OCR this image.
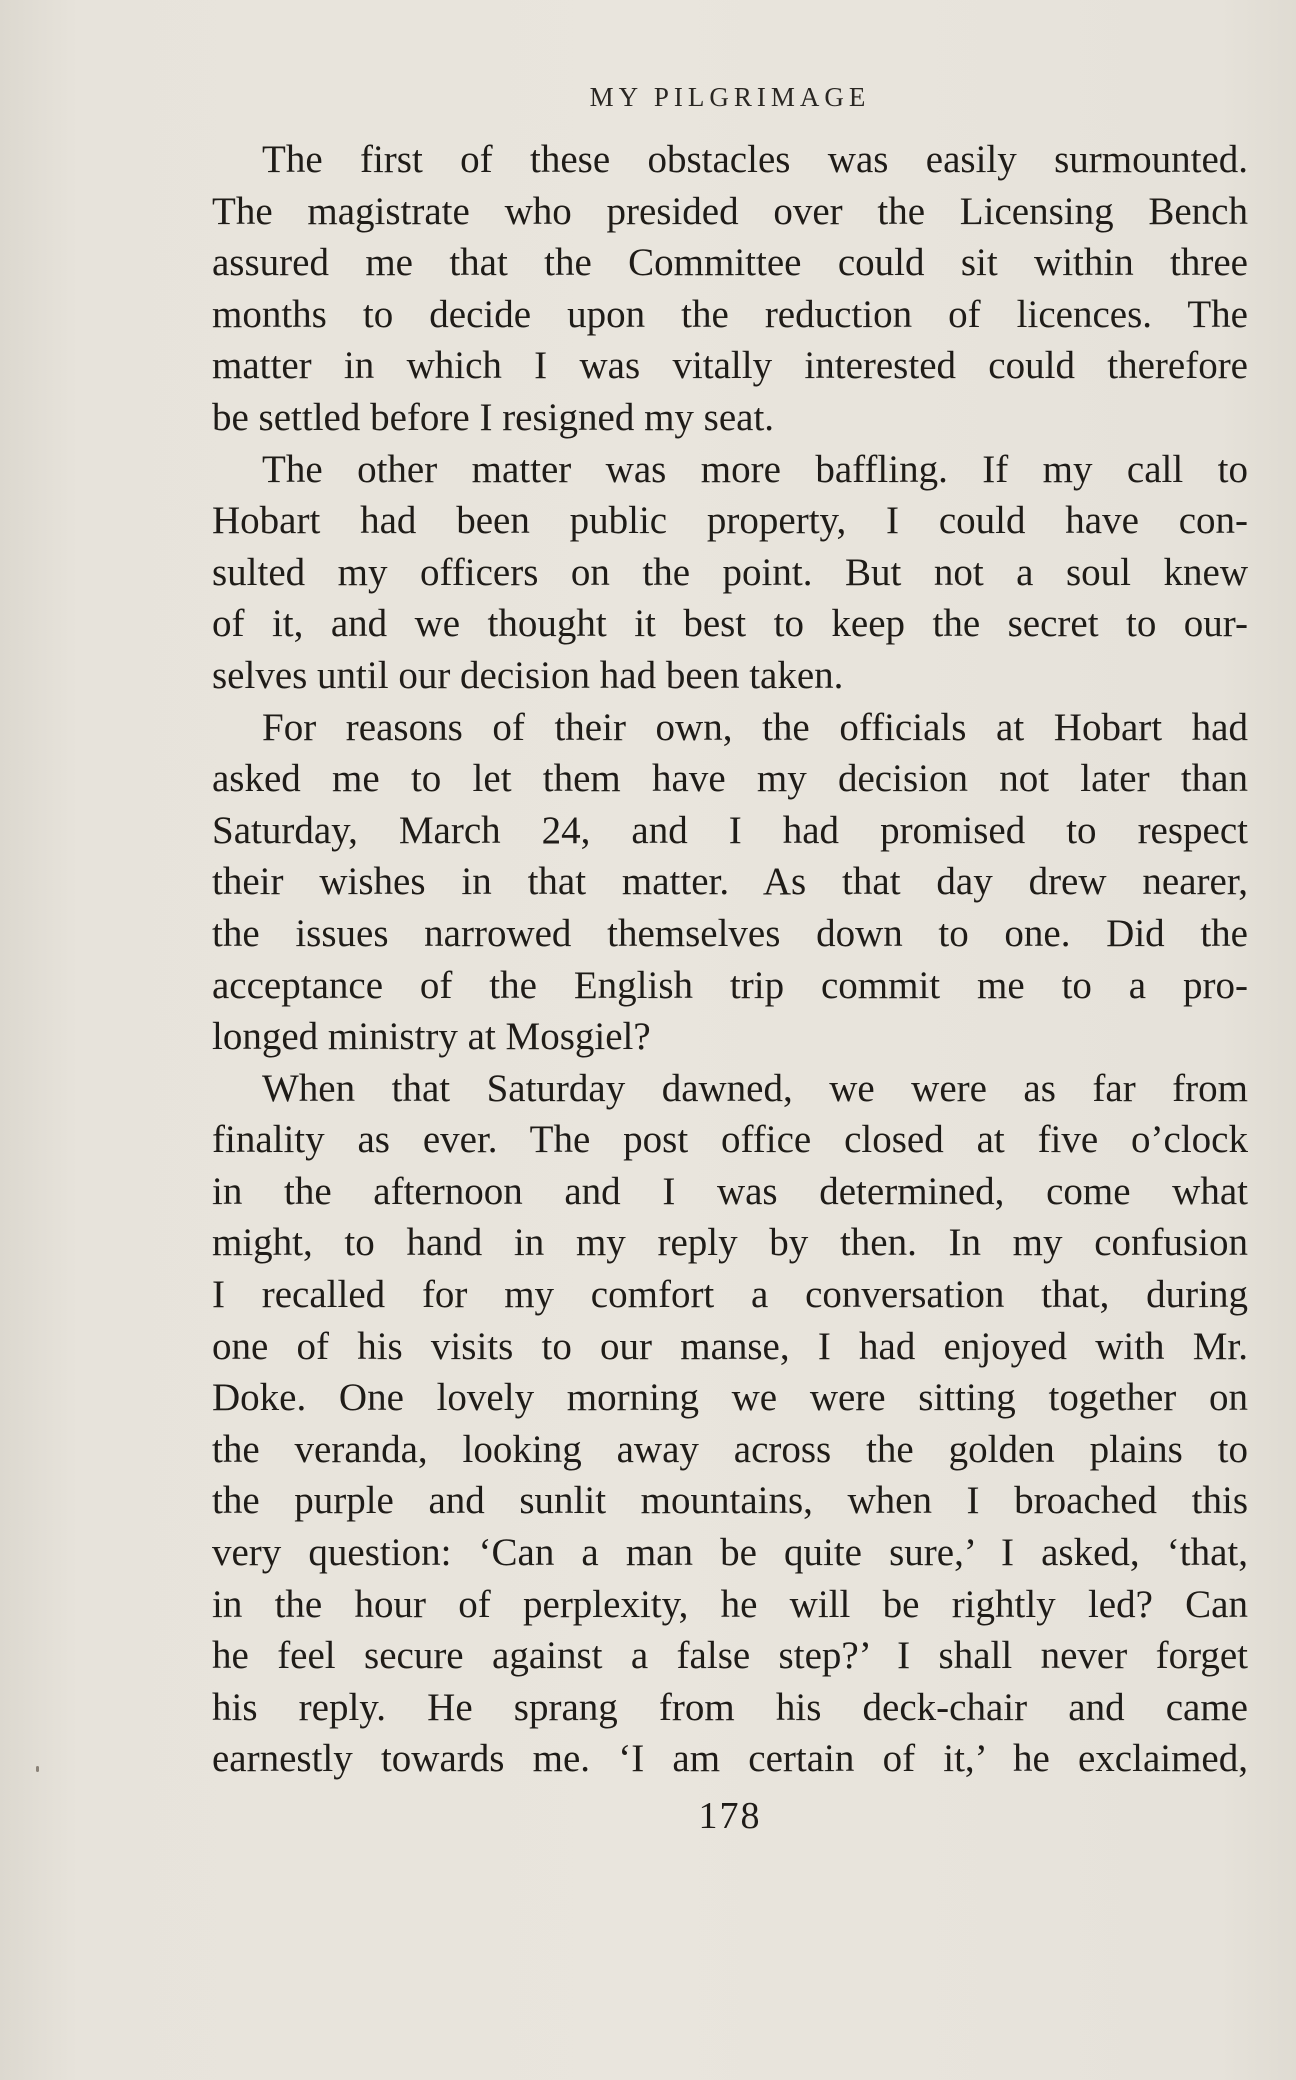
MY PILGRIMAGE
The first of these obstacles was easily surmounted.
The magistrate who presided over the Licensing Bench
assured me that the Committee could sit within three
months to decide upon the reduction of licences. The
matter in which I was vitally interested could therefore
be settled before I resigned my seat.
The other matter was more baffling. If my call to
Hobart had been public property, I could have con-
sulted my officers on the point. But not a soul knew
of it, and we thought it best to keep the secret to our-
selves until our decision had been taken.
For reasons of their own, the officials at Hobart had
asked me to let them have my decision not later than
Saturday, March 24, and I had promised to respect
their wishes in that matter. As that day drew nearer,
the issues narrowed themselves down to one. Did the
acceptance of the English trip commit me to a pro-
longed ministry at Mosgiel?
When that Saturday dawned, we were as far from
finality as ever. The post office closed at five o’clock
in the afternoon and I was determined, come what
might, to hand in my reply by then. In my confusion
I recalled for my comfort a conversation that, during
one of his visits to our manse, I had enjoyed with Mr.
Doke. One lovely morning we were sitting together on
the veranda, looking away across the golden plains to
the purple and sunlit mountains, when I broached this
very question: ‘Can a man be quite sure,’ I asked, ‘that,
in the hour of perplexity, he will be rightly led? Can
he feel secure against a false step?’ I shall never forget
his reply. He sprang from his deck-chair and came
earnestly towards me. ‘I am certain of it,’ he exclaimed,
178
